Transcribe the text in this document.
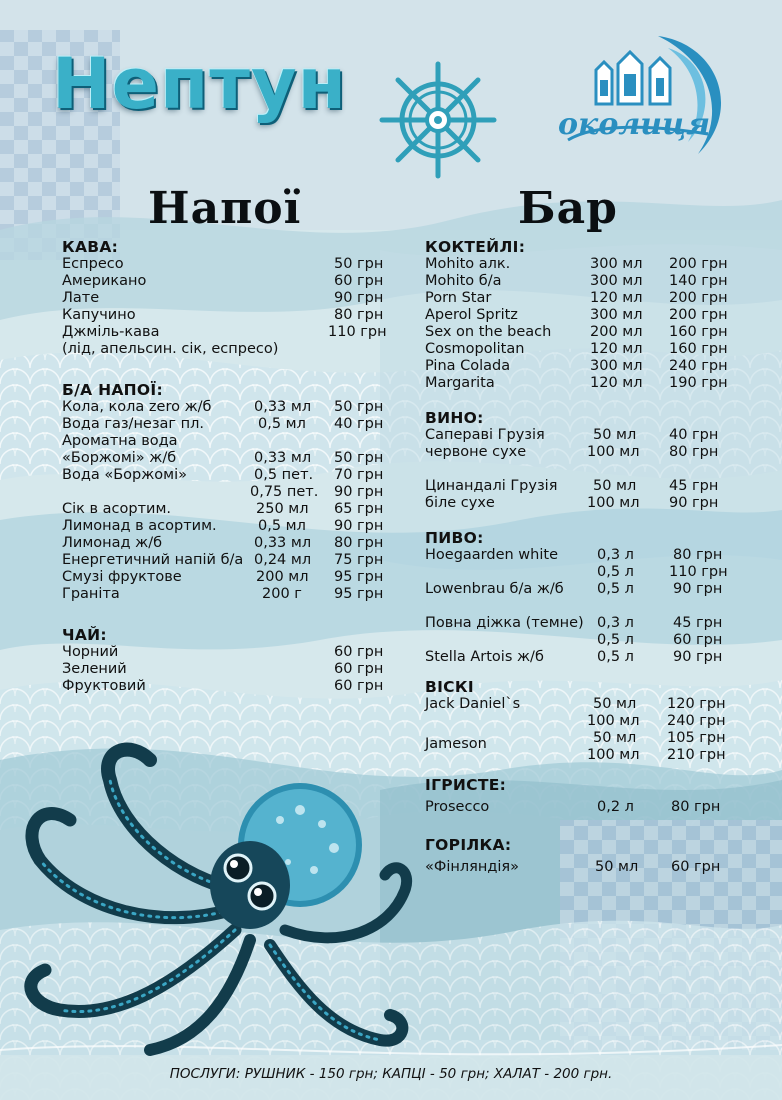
Нептун	околиця
Напої	Бар
КАВА:
Еспресо	50 грн
Американо	60 грн
Лате	90 грн
Капучино	80 грн
Джміль-кава	110 грн
(лід, апельсин. сік, еспресо)
Б/А НАПОЇ:
Кола, кола zero ж/б	0,33 мл 50 грн
Вода газ/незаг пл.	0,5 мл 40 грн
Ароматна вода
«Боржомі» ж/б	0,33 мл 50 грн
Вода «Боржомі»	0,5 пет. 70 грн
0,75 пет. 90 грн
Сік в асортим.	250 мл 65 грн
Лимонад в асортим.	0,5 мл 90 грн
Лимонад ж/б	0,33 мл 80 грн
Енергетичний напій б/а 0,24 мл 75 грн
Смузі фруктове	200 мл 95 грн
Граніта	200 г 95 грн
ЧАЙ:
Чорний	60 грн
Зелений	60 грн
Фруктовий	60 грн
КОКТЕЙЛІ:
Mohito алк.	300 мл 200 грн
Mohito б/а	300 мл 140 грн
Porn Star	120 мл 200 грн
Aperol Spritz	300 мл 200 грн
Sex on the beach	200 мл 160 грн
Cosmopolitan	120 мл 160 грн
Pina Colada	300 мл 240 грн
Margarita	120 мл 190 грн
ВИНО:
Сапераві Грузія	50 мл 40 грн
червоне сухе	100 мл 80 грн
Цинандалі Грузія 50 мл 45 грн
біле сухе	100 мл 90 грн
ПИВО:
Hoegaarden white	0,3 л	80 грн
0,5 л 110 грн
Lowenbrau б/а ж/б 0,5 л	90 грн
Повна діжка (темне) 0,3 л	45 грн
0,5 л	60 грн
Stella Artois ж/б	0,5 л	90 грн
ВІСКІ
Jack Daniel`s	50 мл 120 грн
100 мл 240 грн
Jameson	50 мл 105 грн
100 мл 210 грн
ІГРИСТЕ:
Prosecco	0,2 л	80 грн
ГОРІЛКА:
«Фінляндія»	50 мл 60 грн
ПОСЛУГИ: РУШНИК - 150 грн; КАПЦІ - 50 грн; ХАЛАТ - 200 грн.
